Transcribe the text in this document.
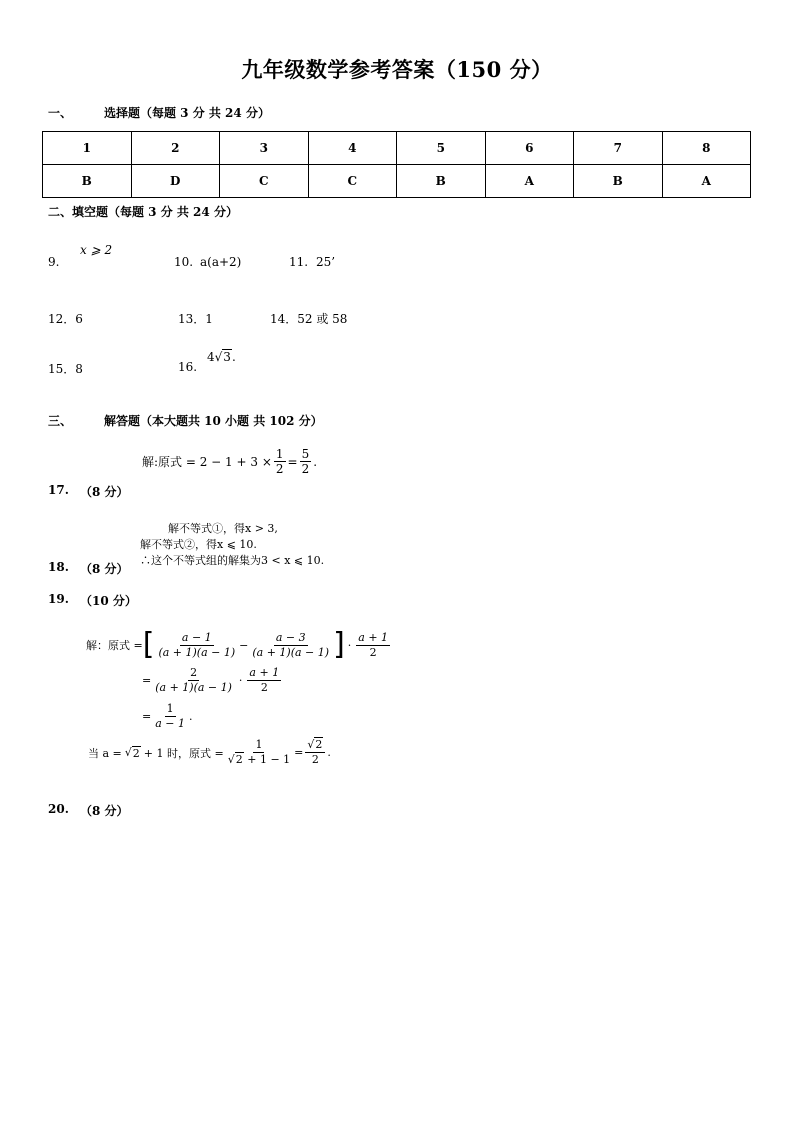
九年级数学参考答案（150 分）
一、	选择题（每题 3 分 共 24 分）
1	2	3	4	5	6	7	8
B	D	C	C	B	A	B	A
二、 填空题（每题 3 分 共 24 分）
9.
x ⩾ 2
10. a(a+2)	11. 25’
12．6	13．1	14．52 或 58
15．8	16.
4√3.
三、	解答题（本大题共 10 小题 共 102 分）
解:原式 = $2 - 1 + 3 \times \frac{1}{2} = \frac{5}{2}$ .
17. （8 分）
解不等式①，得x > 3,
解不等式②，得x ⩽ 10.
∴这个不等式组的解集为3 < x ⩽ 10.
18. （8 分）
19. （10 分）
解：原式 = [ $\frac{a - 1}{(a + 1)(a - 1)} - \frac{a - 3}{(a + 1)(a - 1)}$ ] · $\frac{a + 1}{2}$
= $\frac{2}{(a + 1)(a - 1)} \cdot \frac{a + 1}{2}$
= $\frac{1}{a - 1}$ .
当 a = √ 2 + 1 时，原式 = $\frac{1}{√2 + 1 - 1} = \frac{√2}{2}$ .
20. （8 分）
